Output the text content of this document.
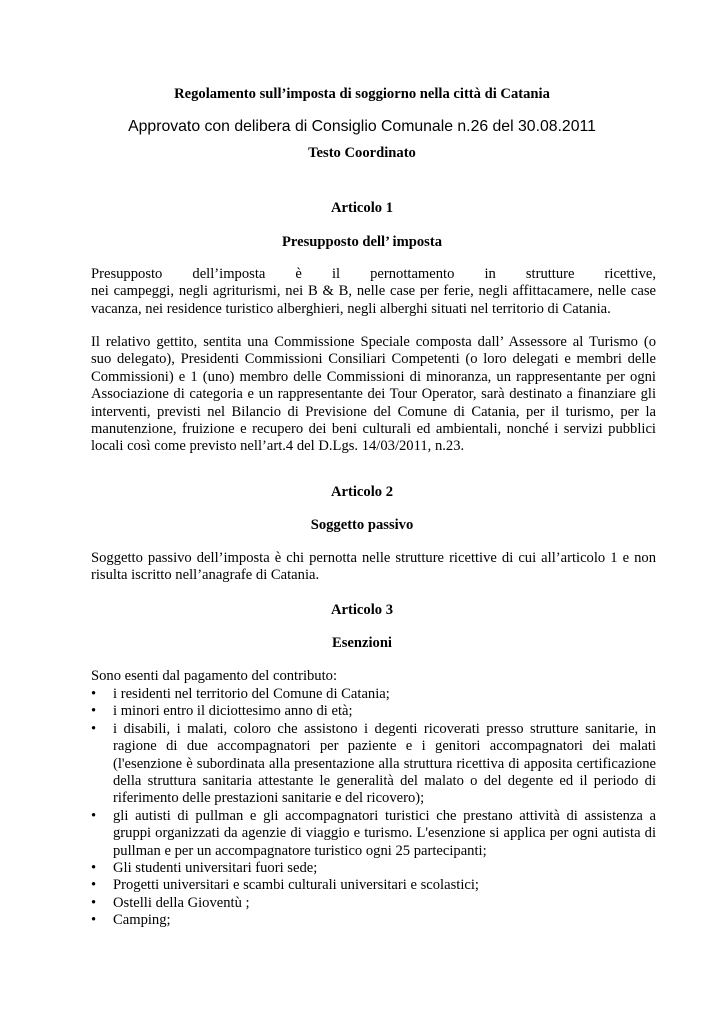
Regolamento sull’imposta di soggiorno nella città di Catania
Approvato con delibera di Consiglio Comunale n.26 del 30.08.2011
Testo Coordinato
Articolo 1
Presupposto dell’ imposta
Presupposto dell’imposta è il pernottamento in strutture ricettive,
nei campeggi, negli agriturismi, nei B & B, nelle case per ferie, negli affittacamere, nelle case
vacanza, nei residence turistico alberghieri, negli alberghi situati nel territorio di Catania.
Il relativo gettito, sentita una Commissione Speciale composta dall’ Assessore al Turismo (o
suo delegato), Presidenti Commissioni Consiliari Competenti (o loro delegati e membri delle
Commissioni) e 1 (uno) membro delle Commissioni di minoranza, un rappresentante per ogni
Associazione di categoria e un rappresentante dei Tour Operator, sarà destinato a finanziare gli
interventi, previsti nel Bilancio di Previsione del Comune di Catania, per il turismo, per la
manutenzione, fruizione e recupero dei beni culturali ed ambientali, nonché i servizi pubblici
locali così come previsto nell’art.4 del D.Lgs. 14/03/2011, n.23.
Articolo 2
Soggetto passivo
Soggetto passivo dell’imposta è chi pernotta nelle strutture ricettive di cui all’articolo 1 e non
risulta iscritto nell’anagrafe di Catania.
Articolo 3
Esenzioni
Sono esenti dal pagamento del contributo:
• i residenti nel territorio del Comune di Catania;
• i minori entro il diciottesimo anno di età;
• i disabili, i malati, coloro che assistono i degenti ricoverati presso strutture sanitarie, in
ragione di due accompagnatori per paziente e i genitori accompagnatori dei malati
(l'esenzione è subordinata alla presentazione alla struttura ricettiva di apposita certificazione
della struttura sanitaria attestante le generalità del malato o del degente ed il periodo di
riferimento delle prestazioni sanitarie e del ricovero);
• gli autisti di pullman e gli accompagnatori turistici che prestano attività di assistenza a
gruppi organizzati da agenzie di viaggio e turismo. L'esenzione si applica per ogni autista di
pullman e per un accompagnatore turistico ogni 25 partecipanti;
• Gli studenti universitari fuori sede;
• Progetti universitari e scambi culturali universitari e scolastici;
• Ostelli della Gioventù ;
• Camping;
